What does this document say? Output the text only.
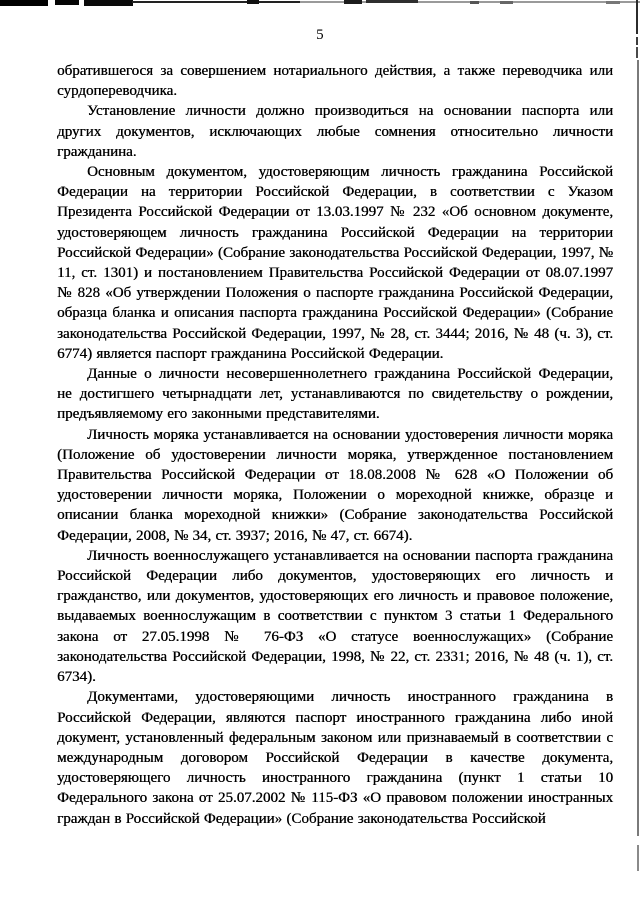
5

обратившегося за совершением нотариального действия, а также переводчика или сурдопереводчика.

Установление личности должно производиться на основании паспорта или других документов, исключающих любые сомнения относительно личности гражданина.

Основным документом, удостоверяющим личность гражданина Российской Федерации на территории Российской Федерации, в соответствии с Указом Президента Российской Федерации от 13.03.1997 № 232 «Об основном документе, удостоверяющем личность гражданина Российской Федерации на территории Российской Федерации» (Собрание законодательства Российской Федерации, 1997, № 11, ст. 1301) и постановлением Правительства Российской Федерации от 08.07.1997 № 828 «Об утверждении Положения о паспорте гражданина Российской Федерации, образца бланка и описания паспорта гражданина Российской Федерации» (Собрание законодательства Российской Федерации, 1997, № 28, ст. 3444; 2016, № 48 (ч. 3), ст. 6774) является паспорт гражданина Российской Федерации.

Данные о личности несовершеннолетнего гражданина Российской Федерации, не достигшего четырнадцати лет, устанавливаются по свидетельству о рождении, предъявляемому его законными представителями.

Личность моряка устанавливается на основании удостоверения личности моряка (Положение об удостоверении личности моряка, утвержденное постановлением Правительства Российской Федерации от 18.08.2008 № 628 «О Положении об удостоверении личности моряка, Положении о мореходной книжке, образце и описании бланка мореходной книжки» (Собрание законодательства Российской Федерации, 2008, № 34, ст. 3937; 2016, № 47, ст. 6674).

Личность военнослужащего устанавливается на основании паспорта гражданина Российской Федерации либо документов, удостоверяющих его личность и гражданство, или документов, удостоверяющих его личность и правовое положение, выдаваемых военнослужащим в соответствии с пунктом 3 статьи 1 Федерального закона от 27.05.1998 № 76-ФЗ «О статусе военнослужащих» (Собрание законодательства Российской Федерации, 1998, № 22, ст. 2331; 2016, № 48 (ч. 1), ст. 6734).

Документами, удостоверяющими личность иностранного гражданина в Российской Федерации, являются паспорт иностранного гражданина либо иной документ, установленный федеральным законом или признаваемый в соответствии с международным договором Российской Федерации в качестве документа, удостоверяющего личность иностранного гражданина (пункт 1 статьи 10 Федерального закона от 25.07.2002 № 115-ФЗ «О правовом положении иностранных граждан в Российской Федерации» (Собрание законодательства Российской
